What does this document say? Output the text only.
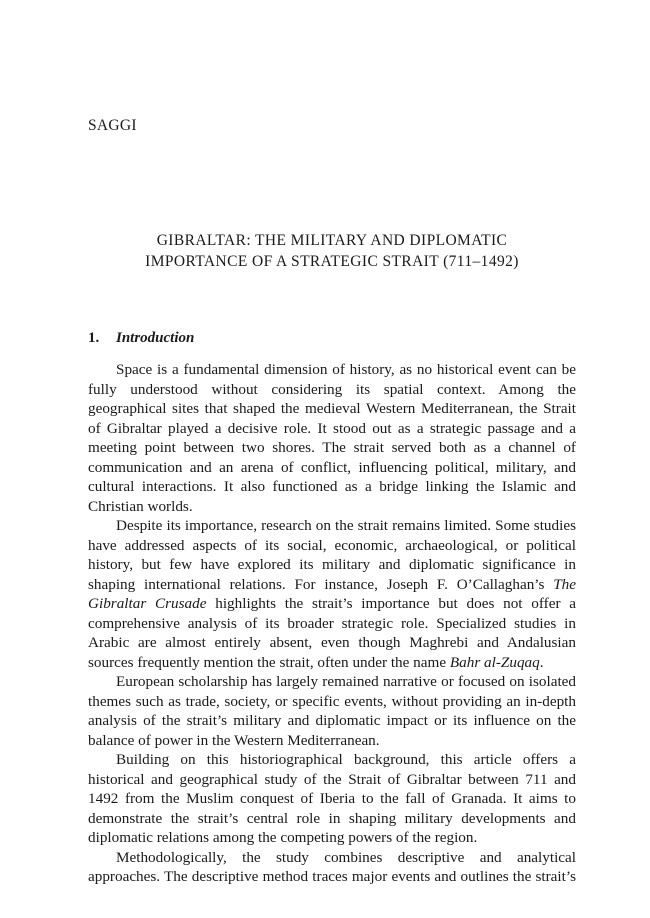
SAGGI

GIBRALTAR: THE MILITARY AND DIPLOMATIC
IMPORTANCE OF A STRATEGIC STRAIT (711–1492)
1. Introduction

Space is a fundamental dimension of history, as no historical event can be fully understood without considering its spatial context. Among the geographical sites that shaped the medieval Western Mediterranean, the Strait of Gibraltar played a decisive role. It stood out as a strategic passage and a meeting point between two shores. The strait served both as a channel of communication and an arena of conflict, influencing political, military, and cultural interactions. It also functioned as a bridge linking the Islamic and Christian worlds.

Despite its importance, research on the strait remains limited. Some studies have addressed aspects of its social, economic, archaeological, or political history, but few have explored its military and diplomatic significance in shaping international relations. For instance, Joseph F. O’Callaghan’s The Gibraltar Crusade highlights the strait’s importance but does not offer a comprehensive analysis of its broader strategic role. Specialized studies in Arabic are almost entirely absent, even though Maghrebi and Andalusian sources frequently mention the strait, often under the name Bahr al-Zuqaq.

European scholarship has largely remained narrative or focused on isolated themes such as trade, society, or specific events, without providing an in-depth analysis of the strait’s military and diplomatic impact or its influence on the balance of power in the Western Mediterranean.

Building on this historiographical background, this article offers a historical and geographical study of the Strait of Gibraltar between 711 and 1492 from the Muslim conquest of Iberia to the fall of Granada. It aims to demonstrate the strait’s central role in shaping military developments and diplomatic relations among the competing powers of the region.

Methodologically, the study combines descriptive and analytical approaches. The descriptive method traces major events and outlines the strait’s
